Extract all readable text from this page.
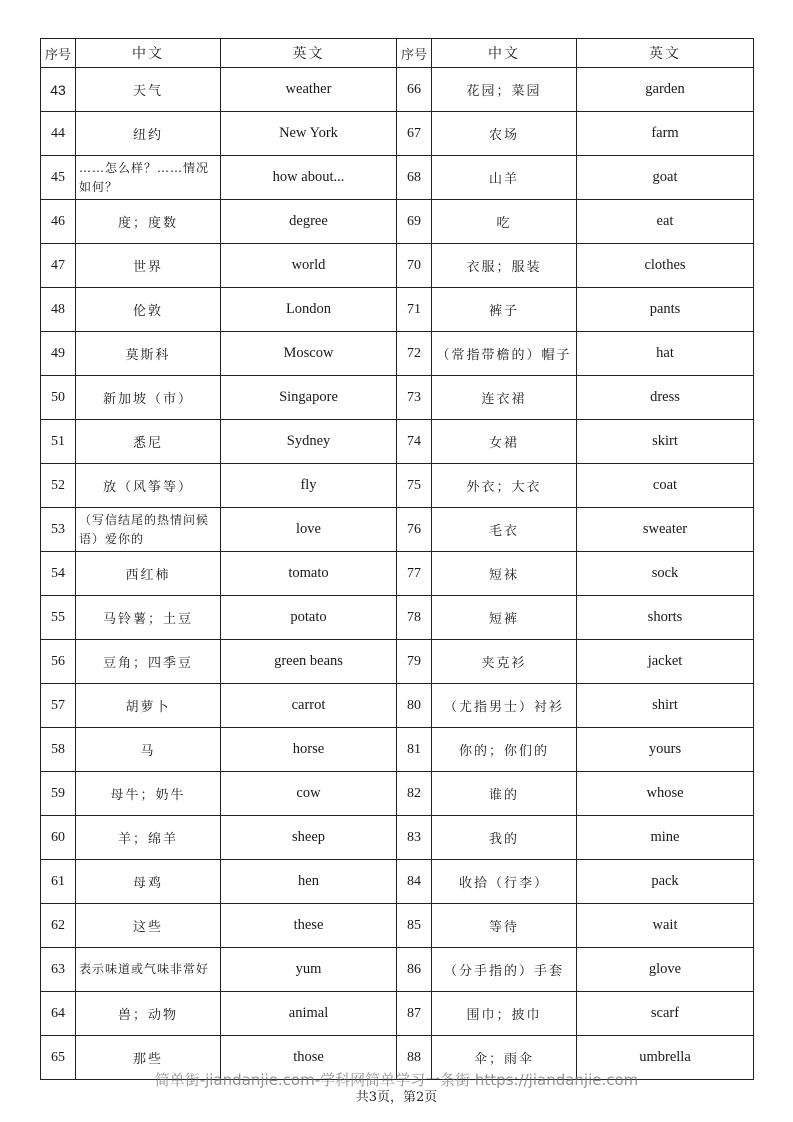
序号	中文	英文	序号	中文	英文
43	天气	weather	66	花园；菜园	garden
44	纽约	New York	67	农场	farm
45	……怎么样？……情况如何？	how about...	68	山羊	goat
46	度；度数	degree	69	吃	eat
47	世界	world	70	衣服；服装	clothes
48	伦敦	London	71	裤子	pants
49	莫斯科	Moscow	72	（常指带檐的）帽子	hat
50	新加坡（市）	Singapore	73	连衣裙	dress
51	悉尼	Sydney	74	女裙	skirt
52	放（风筝等）	fly	75	外衣；大衣	coat
53	（写信结尾的热情问候语）爱你的	love	76	毛衣	sweater
54	西红柿	tomato	77	短袜	sock
55	马铃薯；土豆	potato	78	短裤	shorts
56	豆角；四季豆	green beans	79	夹克衫	jacket
57	胡萝卜	carrot	80	（尤指男士）衬衫	shirt
58	马	horse	81	你的；你们的	yours
59	母牛；奶牛	cow	82	谁的	whose
60	羊；绵羊	sheep	83	我的	mine
61	母鸡	hen	84	收拾（行李）	pack
62	这些	these	85	等待	wait
63	表示味道或气味非常好	yum	86	（分手指的）手套	glove
64	兽；动物	animal	87	围巾；披巾	scarf
65	那些	those	88	伞；雨伞	umbrella
简单街-jiandanjie.com-学科网简单学习一条街 https://jiandanjie.com
共3页，第2页
